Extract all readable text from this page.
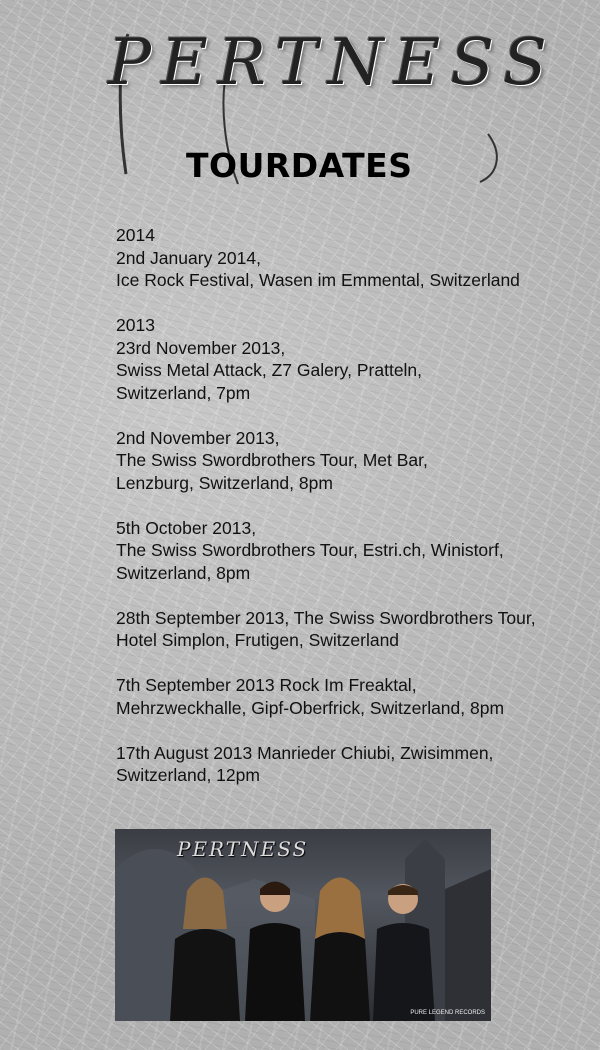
PERTNESS
TOURDATES
2014
2nd January 2014,
Ice Rock Festival, Wasen im Emmental, Switzerland
2013
23rd November 2013,
Swiss Metal Attack, Z7 Galery, Pratteln,
Switzerland, 7pm
2nd November 2013,
The Swiss Swordbrothers Tour, Met Bar,
Lenzburg, Switzerland, 8pm
5th October 2013,
The Swiss Swordbrothers Tour, Estri.ch, Winistorf,
Switzerland, 8pm
28th September 2013, The Swiss Swordbrothers Tour,
Hotel Simplon, Frutigen, Switzerland
7th September 2013 Rock Im Freaktal,
Mehrzweckhalle, Gipf-Oberfrick, Switzerland, 8pm
17th August 2013 Manrieder Chiubi, Zwisimmen,
Switzerland, 12pm
PERTNESS
PURE LEGEND RECORDS
